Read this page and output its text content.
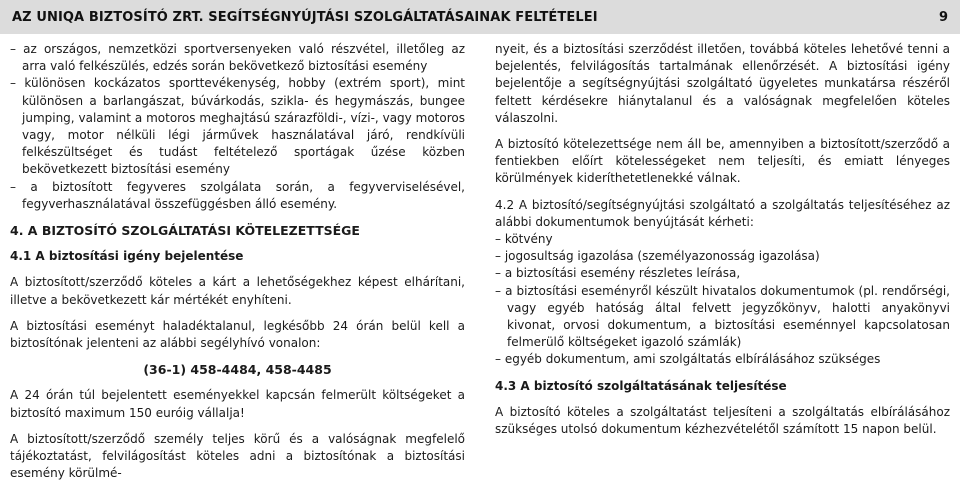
AZ UNIQA BIZTOSÍTÓ ZRT. SEGÍTSÉGNYÚJTÁSI SZOLGÁLTATÁSAINAK FELTÉTELEI	9
– az országos, nemzetközi sportversenyeken való részvétel, illetőleg az arra való felkészülés, edzés során bekövetkező biztosítási esemény
– különösen kockázatos sporttevékenység, hobby (extrém sport), mint különösen a barlangászat, búvárkodás, szikla- és hegymászás, bungee jumping, valamint a motoros meghajtású szárazföldi-, vízi-, vagy motoros vagy, motor nélküli légi járművek használatával járó, rendkívüli felkészültséget és tudást feltételező sportágak űzése közben bekövetkezett biztosítási esemény
– a biztosított fegyveres szolgálata során, a fegyverviselésével, fegyverhasználatával összefüggésben álló esemény.

4. A BIZTOSÍTÓ SZOLGÁLTATÁSI KÖTELEZETTSÉGE

4.1 A biztosítási igény bejelentése

A biztosított/szerződő köteles a kárt a lehetőségekhez képest elhárítani, illetve a bekövetkezett kár mértékét enyhíteni.

A biztosítási eseményt haladéktalanul, legkésőbb 24 órán belül kell a biztosítónak jelenteni az alábbi segélyhívó vonalon:

(36-1) 458-4484, 458-4485

A 24 órán túl bejelentett eseményekkel kapcsán felmerült költségeket a biztosító maximum 150 euróig vállalja!

A biztosított/szerződő személy teljes körű és a valóságnak megfelelő tájékoztatást, felvilágosítást köteles adni a biztosítónak a biztosítási esemény körülmé-

nyeit, és a biztosítási szerződést illetően, továbbá köteles lehetővé tenni a bejelentés, felvilágosítás tartalmának ellenőrzését. A biztosítási igény bejelentője a segítségnyújtási szolgáltató ügyeletes munkatársa részéről feltett kérdésekre hiánytalanul és a valóságnak megfelelően köteles válaszolni.

A biztosító kötelezettsége nem áll be, amennyiben a biztosított/szerződő a fentiekben előírt kötelességeket nem teljesíti, és emiatt lényeges körülmények kideríthetetlenekké válnak.

4.2 A biztosító/segítségnyújtási szolgáltató a szolgáltatás teljesítéséhez az alábbi dokumentumok benyújtását kérheti:

– kötvény
– jogosultság igazolása (személyazonosság igazolása)
– a biztosítási esemény részletes leírása,
– a biztosítási eseményről készült hivatalos dokumentumok (pl. rendőrségi, vagy egyéb hatóság által felvett jegyzőkönyv, halotti anyakönyvi kivonat, orvosi dokumentum, a biztosítási eseménnyel kapcsolatosan felmerülő költségeket igazoló számlák)
– egyéb dokumentum, ami szolgáltatás elbírálásához szükséges

4.3 A biztosító szolgáltatásának teljesítése

A biztosító köteles a szolgáltatást teljesíteni a szolgáltatás elbírálásához szükséges utolsó dokumentum kézhezvételétől számított 15 napon belül.
